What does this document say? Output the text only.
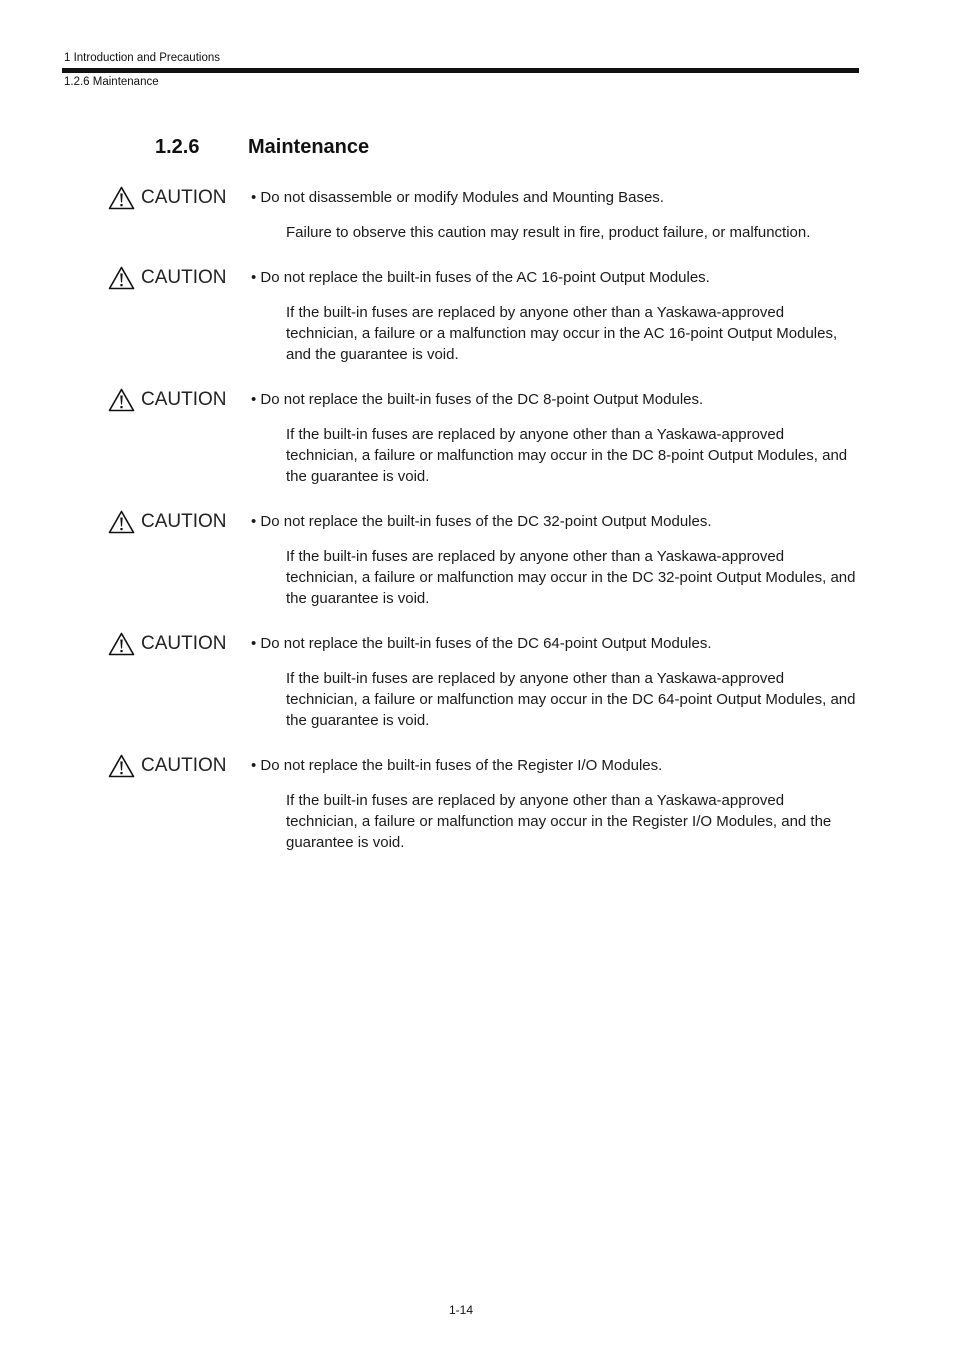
1 Introduction and Precautions
1.2.6 Maintenance
1.2.6 Maintenance
CAUTION • Do not disassemble or modify Modules and Mounting Bases.
Failure to observe this caution may result in fire, product failure, or malfunction.
CAUTION • Do not replace the built-in fuses of the AC 16-point Output Modules.
If the built-in fuses are replaced by anyone other than a Yaskawa-approved technician, a failure or a malfunction may occur in the AC 16-point Output Modules, and the guarantee is void.
CAUTION • Do not replace the built-in fuses of the DC 8-point Output Modules.
If the built-in fuses are replaced by anyone other than a Yaskawa-approved technician, a failure or malfunction may occur in the DC 8-point Output Modules, and the guarantee is void.
CAUTION • Do not replace the built-in fuses of the DC 32-point Output Modules.
If the built-in fuses are replaced by anyone other than a Yaskawa-approved technician, a failure or malfunction may occur in the DC 32-point Output Modules, and the guarantee is void.
CAUTION • Do not replace the built-in fuses of the DC 64-point Output Modules.
If the built-in fuses are replaced by anyone other than a Yaskawa-approved technician, a failure or malfunction may occur in the DC 64-point Output Modules, and the guarantee is void.
CAUTION • Do not replace the built-in fuses of the Register I/O Modules.
If the built-in fuses are replaced by anyone other than a Yaskawa-approved technician, a failure or malfunction may occur in the Register I/O Modules, and the guarantee is void.
1-14
